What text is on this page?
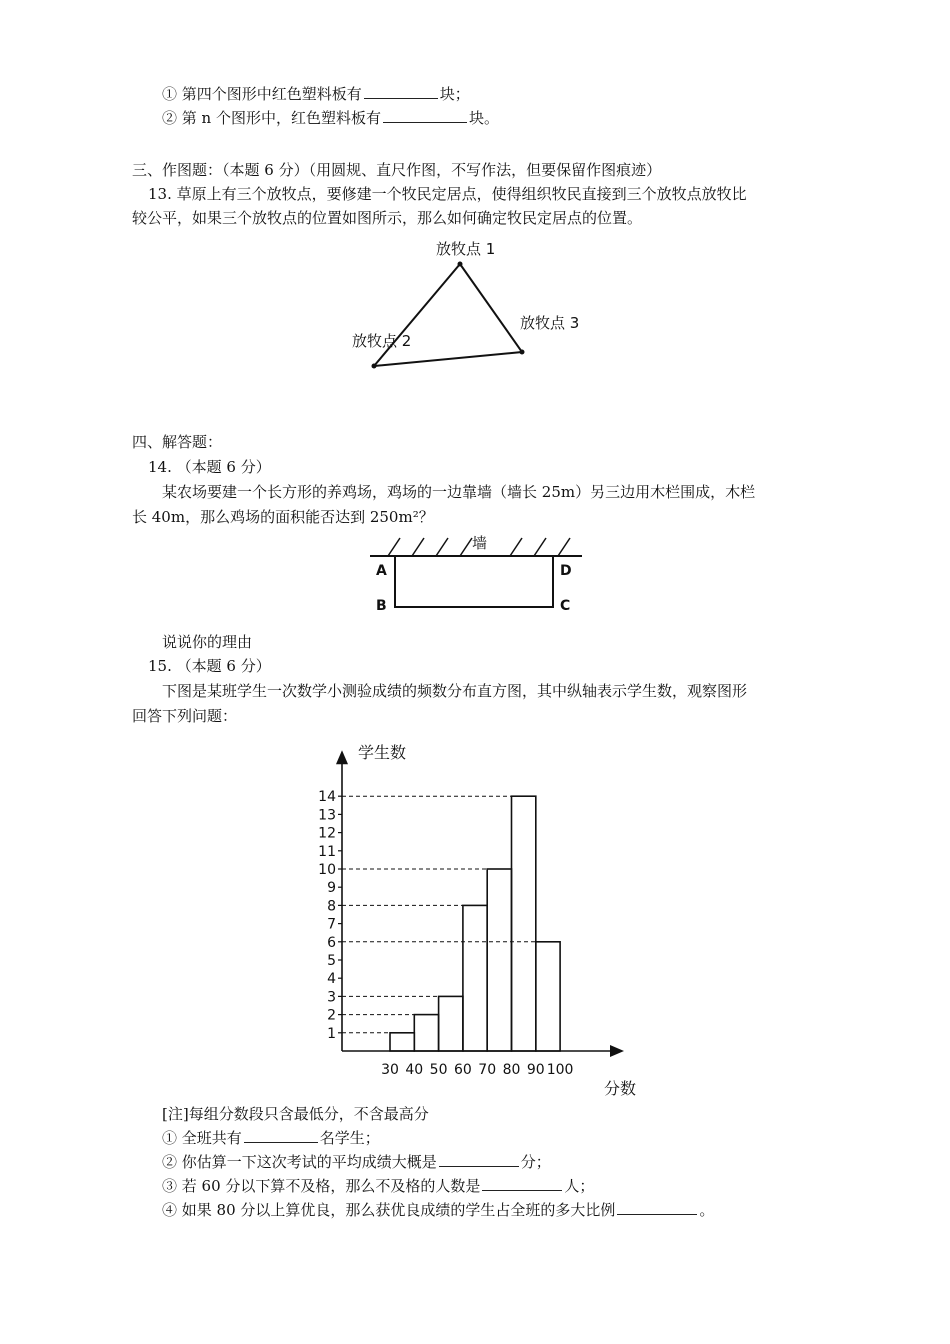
① 第四个图形中红色塑料板有	块；
② 第 n 个图形中，红色塑料板有	块。
三、作图题：（本题 6 分）（用圆规、直尺作图，不写作法，但要保留作图痕迹）
13. 草原上有三个放牧点，要修建一个牧民定居点，使得组织牧民直接到三个放牧点放牧比
较公平，如果三个放牧点的位置如图所示，那么如何确定牧民定居点的位置。
放牧点 1
放牧点 2
放牧点 3
四、解答题：
14. （本题 6 分）
某农场要建一个长方形的养鸡场，鸡场的一边靠墙（墙长 25m）另三边用木栏围成，木栏
长 40m，那么鸡场的面积能否达到 250m²？
墙
A
B	C
D
说说你的理由
15. （本题 6 分）
下图是某班学生一次数学小测验成绩的频数分布直方图，其中纵轴表示学生数，观察图形
回答下列问题：
1
2
3
4
5
6
7
8
9
10
11
12
13
14
30 40 50 60 70 80 90 100
学生数
分数
[注]每组分数段只含最低分，不含最高分
① 全班共有	名学生；
② 你估算一下这次考试的平均成绩大概是	分；
③ 若 60 分以下算不及格，那么不及格的人数是	人；
④ 如果 80 分以上算优良，那么获优良成绩的学生占全班的多大比例	。
